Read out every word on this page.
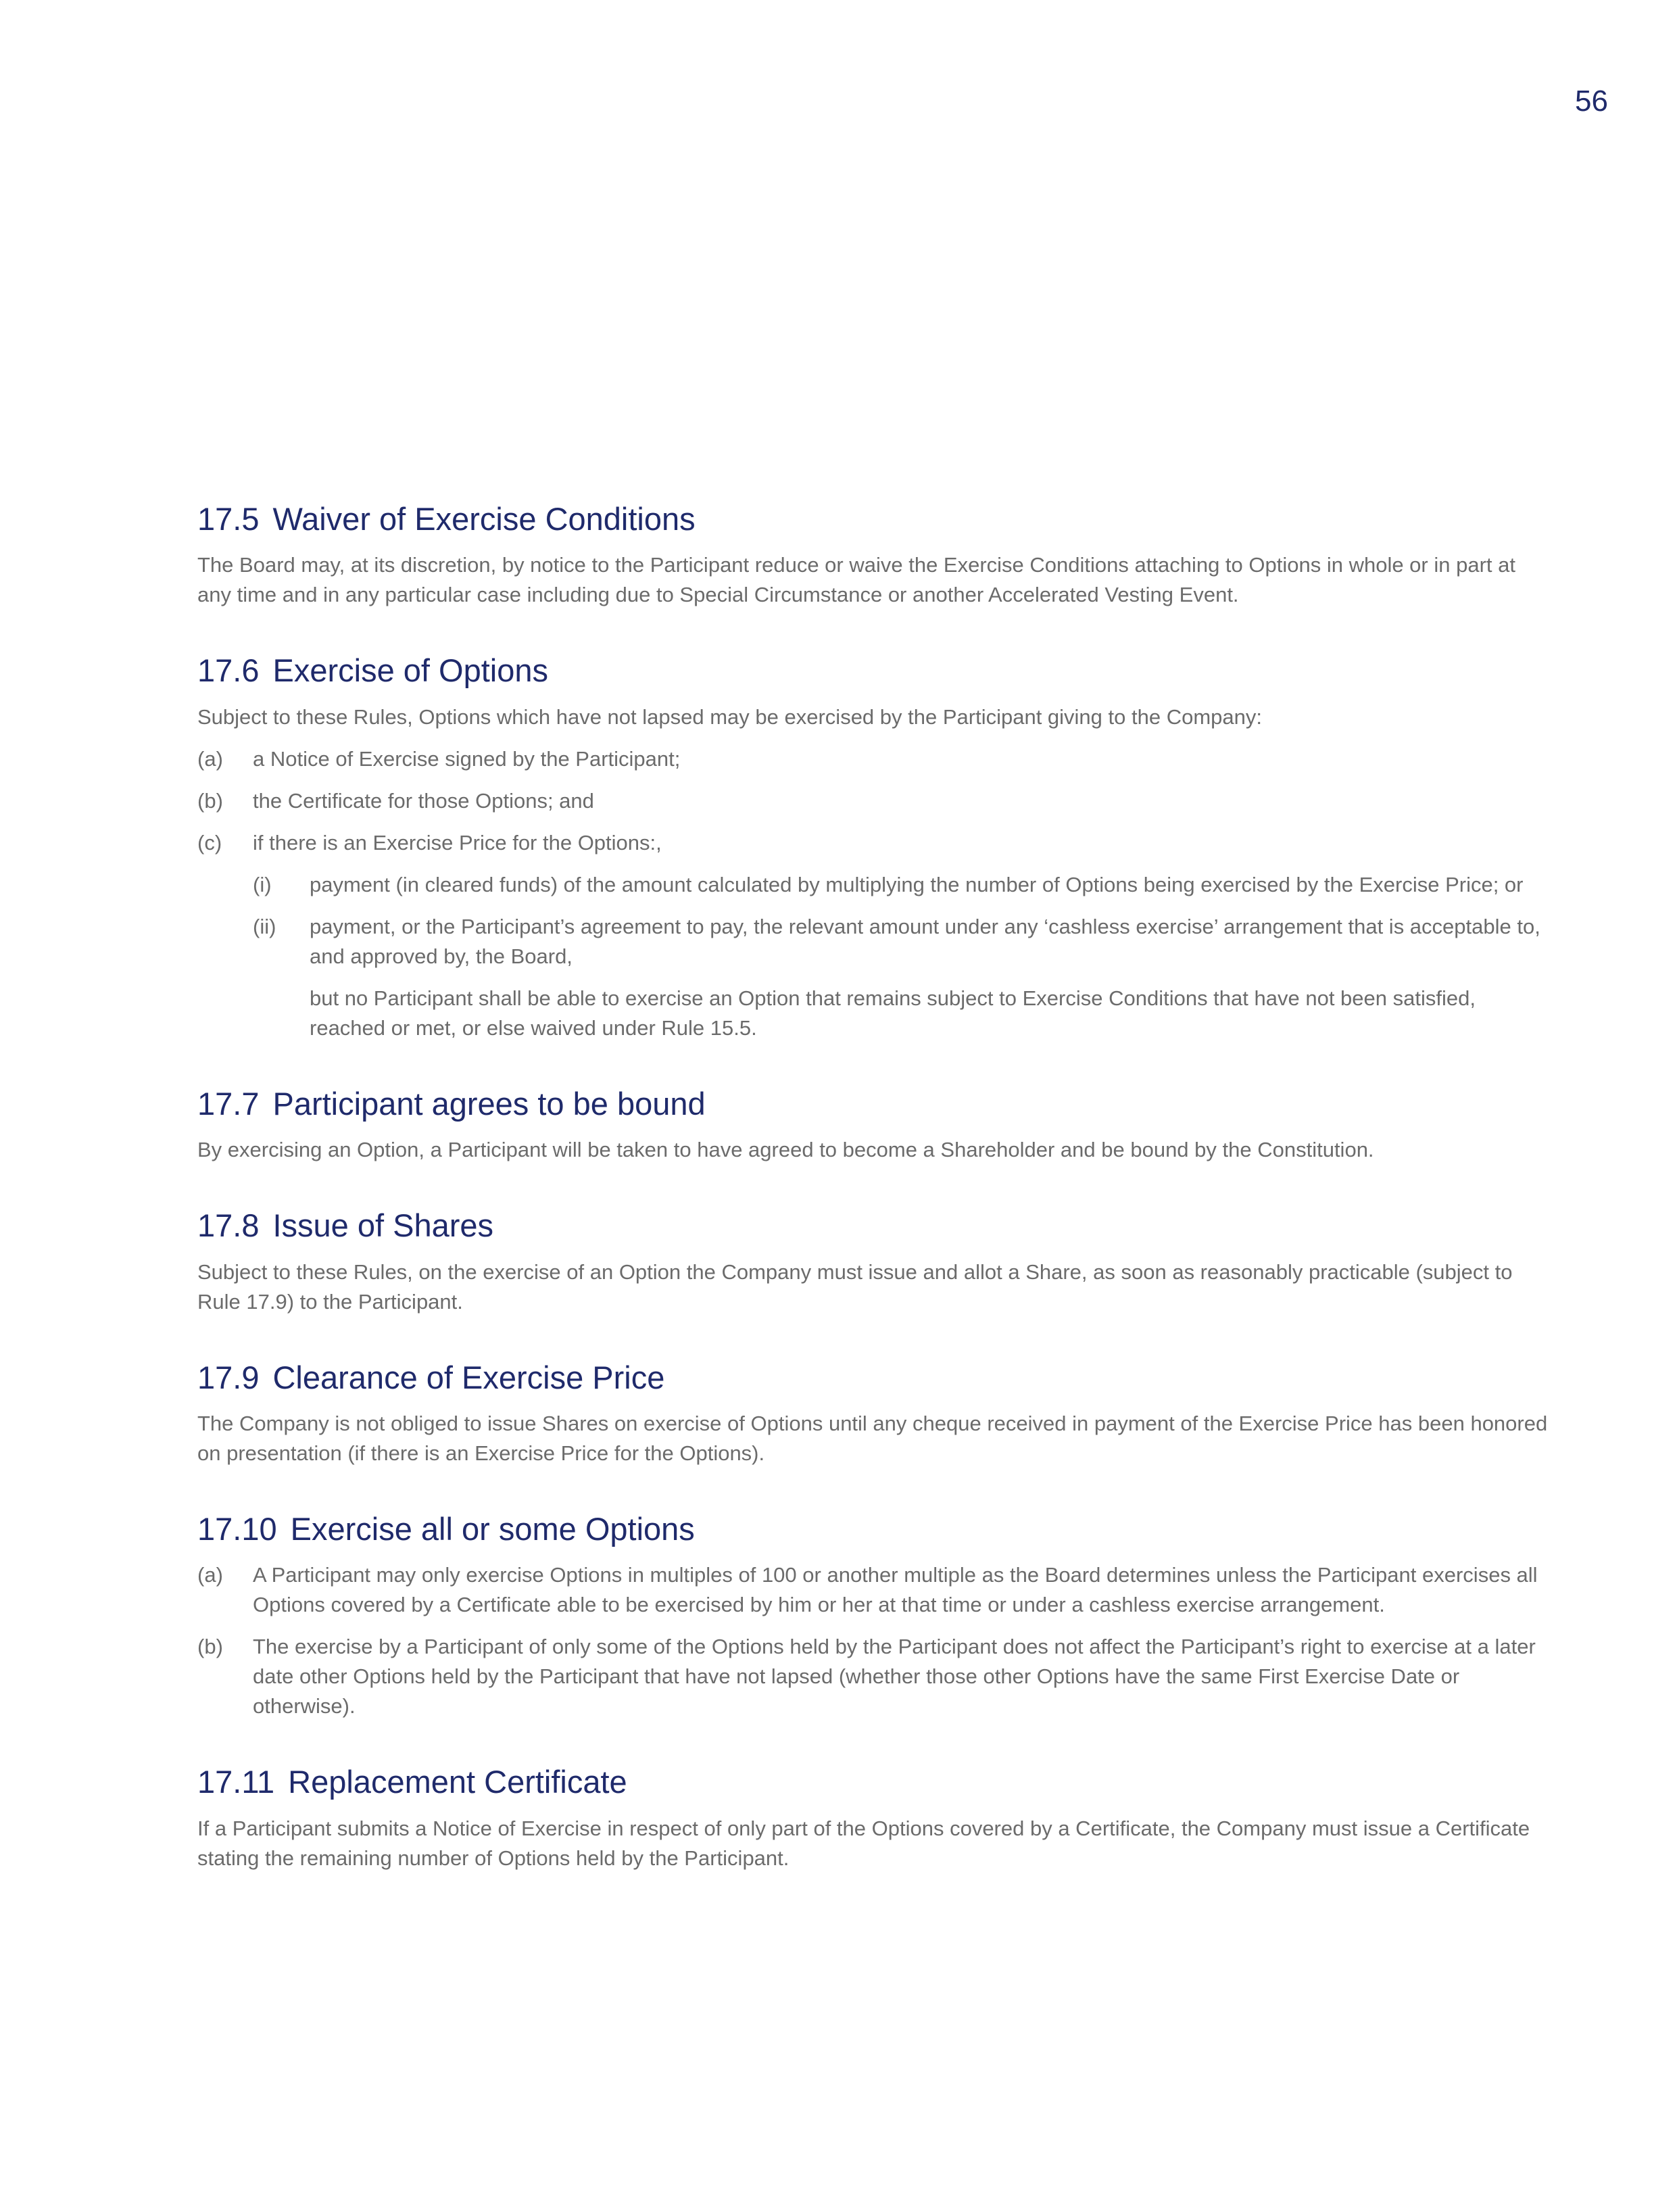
56
17.5 Waiver of Exercise Conditions

The Board may, at its discretion, by notice to the Participant reduce or waive the Exercise Conditions attaching to Options in whole or in part at any time and in any particular case including due to Special Circumstance or another Accelerated Vesting Event.

17.6 Exercise of Options

Subject to these Rules, Options which have not lapsed may be exercised by the Participant giving to the Company:

(a)	a Notice of Exercise signed by the Participant;
(b)	the Certificate for those Options; and
(c)	if there is an Exercise Price for the Options:,
(i)	payment (in cleared funds) of the amount calculated by multiplying the number of Options being exercised by the Exercise Price; or
(ii)	payment, or the Participant’s agreement to pay, the relevant amount under any ‘cashless exercise’ arrangement that is acceptable to, and approved by, the Board,
but no Participant shall be able to exercise an Option that remains subject to Exercise Conditions that have not been satisfied, reached or met, or else waived under Rule 15.5.
17.7 Participant agrees to be bound

By exercising an Option, a Participant will be taken to have agreed to become a Shareholder and be bound by the Constitution.

17.8 Issue of Shares

Subject to these Rules, on the exercise of an Option the Company must issue and allot a Share, as soon as reasonably practicable (subject to Rule 17.9) to the Participant.

17.9 Clearance of Exercise Price

The Company is not obliged to issue Shares on exercise of Options until any cheque received in payment of the Exercise Price has been honored on presentation (if there is an Exercise Price for the Options).

17.10 Exercise all or some Options
(a)	A Participant may only exercise Options in multiples of 100 or another multiple as the Board determines unless the Participant exercises all Options covered by a Certificate able to be exercised by him or her at that time or under a cashless exercise arrangement.
(b)	The exercise by a Participant of only some of the Options held by the Participant does not affect the Participant’s right to exercise at a later date other Options held by the Participant that have not lapsed (whether those other Options have the same First Exercise Date or otherwise).
17.11 Replacement Certificate

If a Participant submits a Notice of Exercise in respect of only part of the Options covered by a Certificate, the Company must issue a Certificate stating the remaining number of Options held by the Participant.
